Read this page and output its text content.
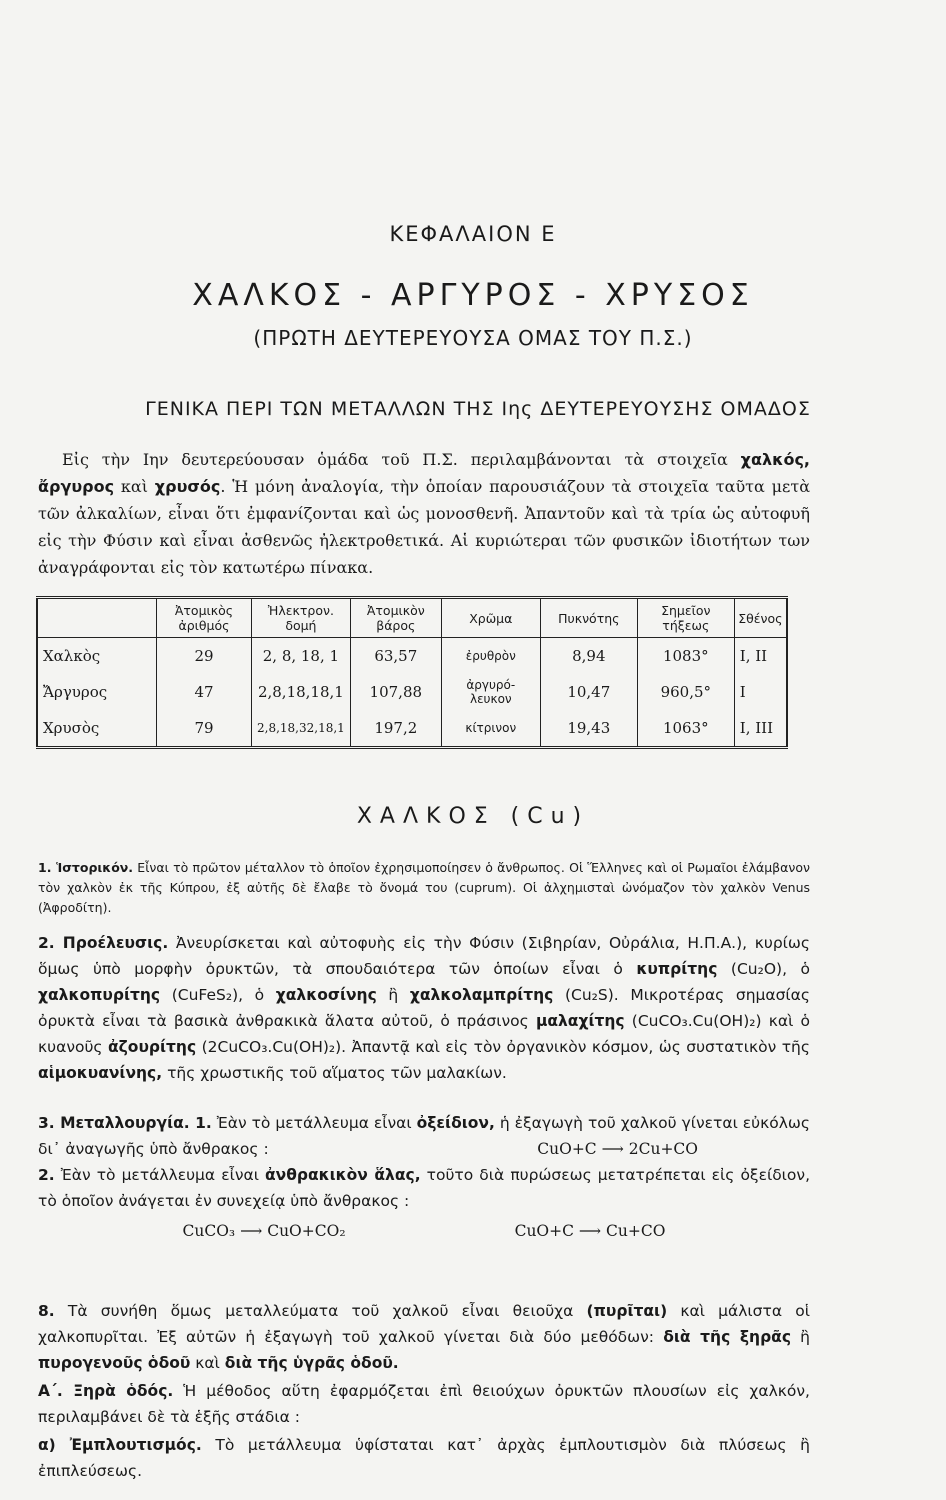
ΚΕΦΑΛΑΙΟΝ Ε
ΧΑΛΚΟΣ - ΑΡΓΥΡΟΣ - ΧΡΥΣΟΣ
(ΠΡΩΤΗ ΔΕΥΤΕΡΕΥΟΥΣΑ ΟΜΑΣ ΤΟΥ Π.Σ.)
ΓΕΝΙΚΑ ΠΕΡΙ ΤΩΝ ΜΕΤΑΛΛΩΝ ΤΗΣ Ιης ΔΕΥΤΕΡΕΥΟΥΣΗΣ ΟΜΑΔΟΣ

Εἰς τὴν Ιην δευτερεύουσαν ὁμάδα τοῦ Π.Σ. περιλαμβάνονται τὰ στοιχεῖα χαλκός, ἄργυρος καὶ χρυσός. Ἡ μόνη ἀναλογία, τὴν ὁποίαν παρουσιάζουν τὰ στοιχεῖα ταῦτα μετὰ τῶν ἀλκαλίων, εἶναι ὅτι ἐμφανίζονται καὶ ὡς μονοσθενῆ. Ἀπαντοῦν καὶ τὰ τρία ὡς αὐτοφυῆ εἰς τὴν Φύσιν καὶ εἶναι ἀσθενῶς ἠλεκτροθετικά. Αἱ κυριώτεραι τῶν φυσικῶν ἰδιοτήτων των ἀναγράφονται εἰς τὸν κατωτέρω πίνακα.

	Ἀτομικὸς ἀριθμός	Ἠλεκτρον. δομή	Ἀτομικὸν βάρος	Χρῶμα	Πυκνότης	Σημεῖον τήξεως	Σθένος
Χαλκὸς	29	2, 8, 18, 1	63,57	ἐρυθρὸν	8,94	1083°	I, II
Ἄργυρος	47	2,8,18,18,1	107,88	ἀργυρό-λευκον	10,47	960,5°	I
Χρυσὸς	79	2,8,18,32,18,1	197,2	κίτρινον	19,43	1063°	I, III
ΧΑΛΚΟΣ (Cu)

1. Ἱστορικόν. Εἶναι τὸ πρῶτον μέταλλον τὸ ὁποῖον ἐχρησιμοποίησεν ὁ ἄνθρωπος. Οἱ Ἕλληνες καὶ οἱ Ρωμαῖοι ἐλάμβανον τὸν χαλκὸν ἐκ τῆς Κύπρου, ἐξ αὐτῆς δὲ ἔλαβε τὸ ὄνομά του (cuprum). Οἱ ἀλχημισταὶ ὠνόμαζον τὸν χαλκὸν Venus (Ἀφροδίτη).

2. Προέλευσις. Ἀνευρίσκεται καὶ αὐτοφυὴς εἰς τὴν Φύσιν (Σιβηρίαν, Οὐράλια, Η.Π.Α.), κυρίως ὅμως ὑπὸ μορφὴν ὀρυκτῶν, τὰ σπουδαιότερα τῶν ὁποίων εἶναι ὁ κυπρίτης (Cu₂O), ὁ χαλκοπυρίτης (CuFeS₂), ὁ χαλκοσίνης ἢ χαλκολαμπρίτης (Cu₂S). Μικροτέρας σημασίας ὀρυκτὰ εἶναι τὰ βασικὰ ἀνθρακικὰ ἅλατα αὐτοῦ, ὁ πράσινος μαλαχίτης (CuCO₃.Cu(OH)₂) καὶ ὁ κυανοῦς ἀζουρίτης (2CuCO₃.Cu(OH)₂). Ἀπαντᾷ καὶ εἰς τὸν ὀργανικὸν κόσμον, ὡς συστατικὸν τῆς αἱμοκυανίνης, τῆς χρωστικῆς τοῦ αἵματος τῶν μαλακίων.

3. Μεταλλουργία. 1. Ἐὰν τὸ μετάλλευμα εἶναι ὀξείδιον, ἡ ἐξαγωγὴ τοῦ χαλκοῦ γίνεται εὐκόλως δι᾽ ἀναγωγῆς ὑπὸ ἄνθρακος :	CuO+C ⟶ 2Cu+CO
2. Ἐὰν τὸ μετάλλευμα εἶναι ἀνθρακικὸν ἅλας, τοῦτο διὰ πυρώσεως μετατρέπεται εἰς ὀξείδιον, τὸ ὁποῖον ἀνάγεται ἐν συνεχείᾳ ὑπὸ ἄνθρακος :
CuCO₃ ⟶ CuO+CO₂	CuO+C ⟶ Cu+CO

8. Τὰ συνήθη ὅμως μεταλλεύματα τοῦ χαλκοῦ εἶναι θειοῦχα (πυρῖται) καὶ μάλιστα οἱ χαλκοπυρῖται. Ἐξ αὐτῶν ἡ ἐξαγωγὴ τοῦ χαλκοῦ γίνεται διὰ δύο μεθόδων: διὰ τῆς ξηρᾶς ἢ πυρογενοῦς ὁδοῦ καὶ διὰ τῆς ὑγρᾶς ὁδοῦ.

Α΄. Ξηρὰ ὁδός. Ἡ μέθοδος αὕτη ἐφαρμόζεται ἐπὶ θειούχων ὀρυκτῶν πλουσίων εἰς χαλκόν, περιλαμβάνει δὲ τὰ ἑξῆς στάδια :

α) Ἐμπλουτισμός. Τὸ μετάλλευμα ὑφίσταται κατ᾽ ἀρχὰς ἐμπλουτισμὸν διὰ πλύσεως ἢ ἐπιπλεύσεως.
